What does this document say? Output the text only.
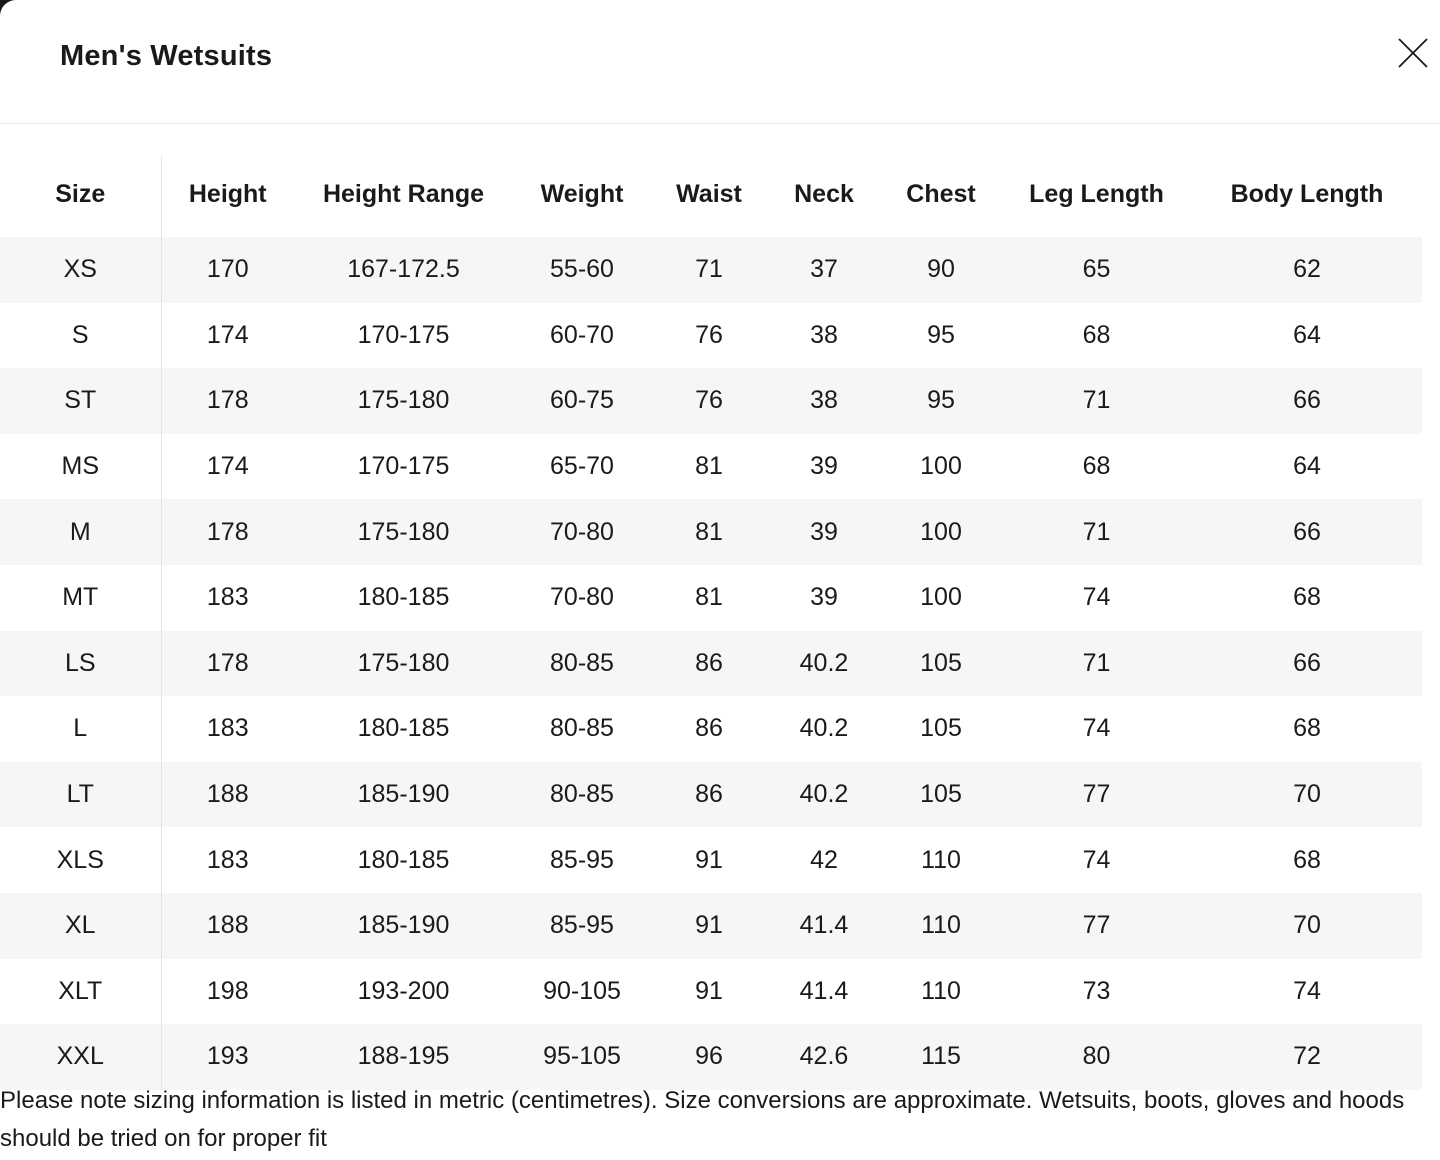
Men's Wetsuits
Size	Height	Height Range	Weight	Waist	Neck	Chest	Leg Length	Body Length
XS	170	167-172.5	55-60	71	37	90	65	62
S	174	170-175	60-70	76	38	95	68	64
ST	178	175-180	60-75	76	38	95	71	66
MS	174	170-175	65-70	81	39	100	68	64
M	178	175-180	70-80	81	39	100	71	66
MT	183	180-185	70-80	81	39	100	74	68
LS	178	175-180	80-85	86	40.2	105	71	66
L	183	180-185	80-85	86	40.2	105	74	68
LT	188	185-190	80-85	86	40.2	105	77	70
XLS	183	180-185	85-95	91	42	110	74	68
XL	188	185-190	85-95	91	41.4	110	77	70
XLT	198	193-200	90-105	91	41.4	110	73	74
XXL	193	188-195	95-105	96	42.6	115	80	72
Please note sizing information is listed in metric (centimetres). Size conversions are approximate. Wetsuits, boots, gloves and hoods should be tried on for proper fit
